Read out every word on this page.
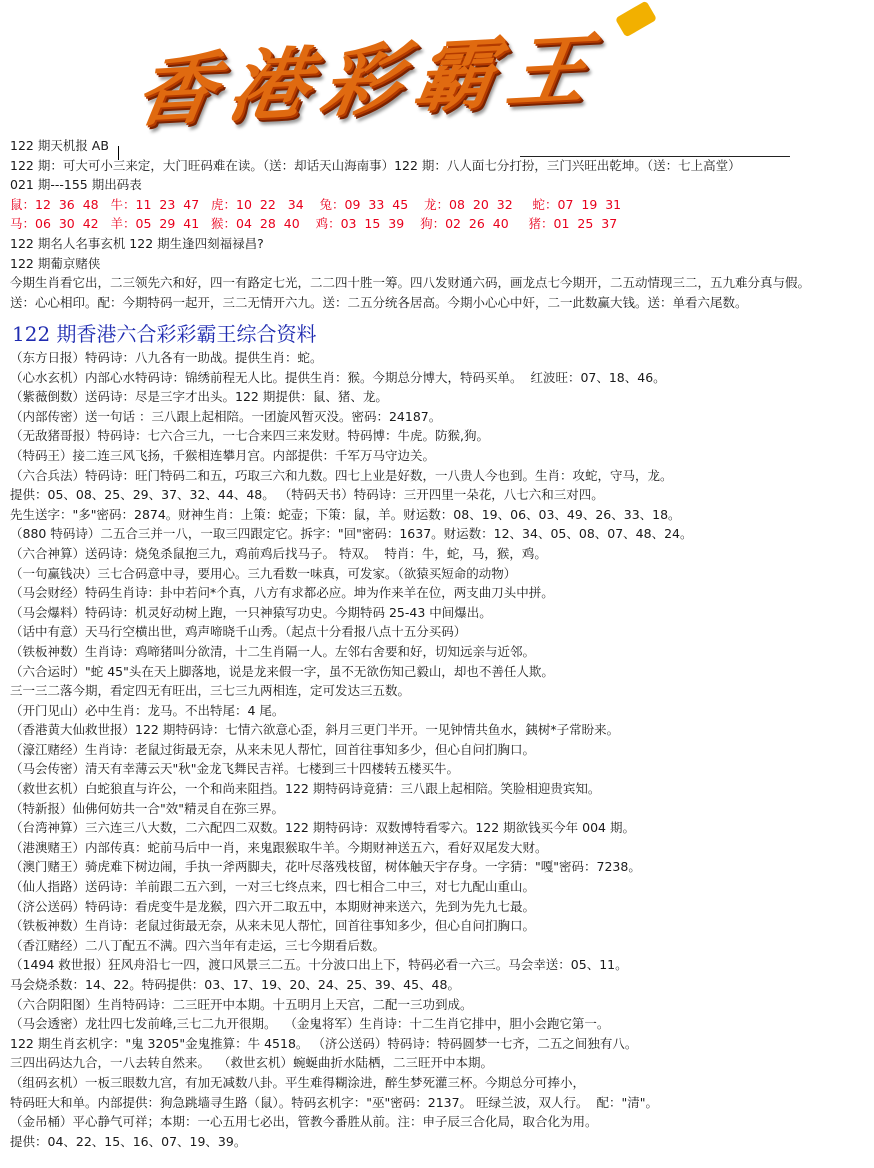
香港彩霸王
122 期天机报 AB
122 期：可大可小三来定，大门旺码难在读。（送：却话天山海南事）122 期：八人面七分打扮，三门兴旺出乾坤。（送：七上高堂）
021 期---155 期出码表
鼠：12  36  48   牛：11  23  47   虎：10  22   34    兔：09  33  45    龙：08  20  32     蛇：07  19  31
马：06  30  42   羊：05  29  41   猴：04  28  40    鸡：03  15  39    狗：02  26  40     猪：01  25  37
122 期名人名事玄机 122 期生逢四刻福禄昌?
122 期葡京赌侠
今期生肖看它出，二三领先六和好，四一有路定七光，二二四十胜一筹。四八发财通六码，画龙点七今期开，二五动情现三二，五九难分真与假。
送：心心相印。配：今期特码一起开，三二无情开六九。送：二五分统各居高。今期小心心中奸，二一此数赢大钱。送：单看六尾数。
122 期香港六合彩彩霸王综合资料
（东方日报）特码诗：八九各有一助战。提供生肖：蛇。
（心水玄机）内部心水特码诗：锦绣前程无人比。提供生肖：猴。今期总分博大，特码买单。  红波旺：07、18、46。
（紫薇倒数）送码诗：尽是三字才出头。122 期提供：鼠、猪、龙。
（内部传密）送一句话 ：三八跟上起相陪。一团旋风暂灭没。密码：24187。
（无敌猪哥报）特码诗：七六合三九，一七合来四三来发财。特码博：牛虎。防猴,狗。
（特码王）接二连三风飞扬，千猴相连攀月宫。内部提供：千军万马守边关。
（六合兵法）特码诗：旺门特码二和五，巧取三六和九数。四七上业是好数，一八贵人今也到。生肖：攻蛇，守马，龙。
提供：05、08、25、29、37、32、44、48。 （特码天书）特码诗：三开四里一朵花，八七六和三对四。
先生送字："多"密码：2874。财神生肖：上策：蛇壶；下策：鼠，羊。财运数：08、19、06、03、49、26、33、18。
（880 特码诗）二五合三并一八，一取三四跟定它。拆字："回"密码：1637。财运数：12、34、05、08、07、48、24。
（六合神算）送码诗：烧兔杀鼠抱三九，鸡前鸡后找马子。 特双。  特肖：牛，蛇，马，猴，鸡。
（一句赢钱决）三七合码意中寻，要用心。三九看数一味真，可发家。（欲猿买短命的动物）
（马会财经）特码生肖诗：卦中若问*个真，八方有求都必应。坤为作来羊在位，两支曲刀头中拼。
（马会爆料）特码诗：机灵好动树上跑，一只神猿写功史。今期特码 25-43 中间爆出。
（话中有意）天马行空横出世，鸡声啼晓千山秀。（起点十分看报八点十五分买码）
（铁板神数）生肖诗：鸡啼猪叫分欲清，十二生肖隔一人。左邻右舍要和好，切知远亲与近邻。
（六合运时）"蛇 45"头在天上脚落地，说是龙来假一字，虽不无欲伤知己毅山，却也不善任人欺。
三一三二落今期，看定四无有旺出，三七三九两相连，定可发达三五数。
（开门见山）必中生肖：龙马。不出特尾：4 尾。
（香港黄大仙救世报）122 期特码诗：七情六欲意心歪，斜月三更门半开。一见钟情共鱼水，銕树*子常盼来。
（濠江赌经）生肖诗：老鼠过街最无奈，从来未见人帮忙，回首往事知多少，但心自问扪胸口。
（马会传密）清天有幸薄云天"秋"金龙飞舞民吉祥。七楼到三十四楼转五楼买牛。
（救世玄机）白蛇狼直与许公，一个和尚来阻挡。122 期特码诗竟猜：三八跟上起相陪。笑脸相迎贵宾知。
（特新报）仙佛何妨共一合"效"精灵自在弥三界。
（台湾神算）三六连三八大数，二六配四二双数。122 期特码诗：双数博特看零六。122 期欲钱买今年 004 期。
（港澳赌王）内部传真：蛇前马后中一肖，来鬼跟猴取牛羊。今期财神送五六，看好双尾发大财。
（澳门赌王）骑虎难下树边闹，手执一斧两脚夫，花叶尽落残枝留，树体触天宇存身。一字猜："嘎"密码：7238。
（仙人指路）送码诗：羊前跟二五六到，一对三七终点来，四七相合二中三，对七九配山重山。
（济公送码）特码诗：看虎变牛是龙猴，四六开二取五中，本期财神来送六，先到为先九七最。
（铁板神数）生肖诗：老鼠过街最无奈，从来未见人帮忙，回首往事知多少，但心自问扪胸口。
（香江赌经）二八丁配五不满。四六当年有走运，三七今期看后数。
（1494 救世报）狂风舟沿七一四，渡口风景三二五。十分波口出上下，特码必看一六三。马会幸送：05、11。
马会烧杀数：14、22。特码提供：03、17、19、20、24、25、39、45、48。
（六合阴阳图）生肖特码诗：二三旺开中本期。十五明月上天宫，二配一三功到成。
（马会透密）龙壮四七发前峰,三七二九开很期。  （金鬼将军）生肖诗：十二生肖它排中，胆小会跑它第一。
122 期生肖玄机字："鬼 3205"金鬼推算：牛 4518。 （济公送码）特码诗：特码圆梦一七齐，二五之间独有八。
三四出码达九合，一八去转自然来。  （救世玄机）蜿蜒曲折水陆栖，二三旺开中本期。
（组码玄机）一板三眼数九宫，有加无减数八卦。平生难得糊涂进，醉生梦死灌三杯。今期总分可捧小，
特码旺大和单。内部提供：狗急跳墙寻生路（鼠）。特码玄机字："巫"密码：2137。 旺绿兰波，双人行。  配："清"。
（金吊桶）平心静气可祥；本期：一心五用七必出，管教今番胜从前。注：申子辰三合化局，取合化为用。
提供：04、22、15、16、07、19、39。
